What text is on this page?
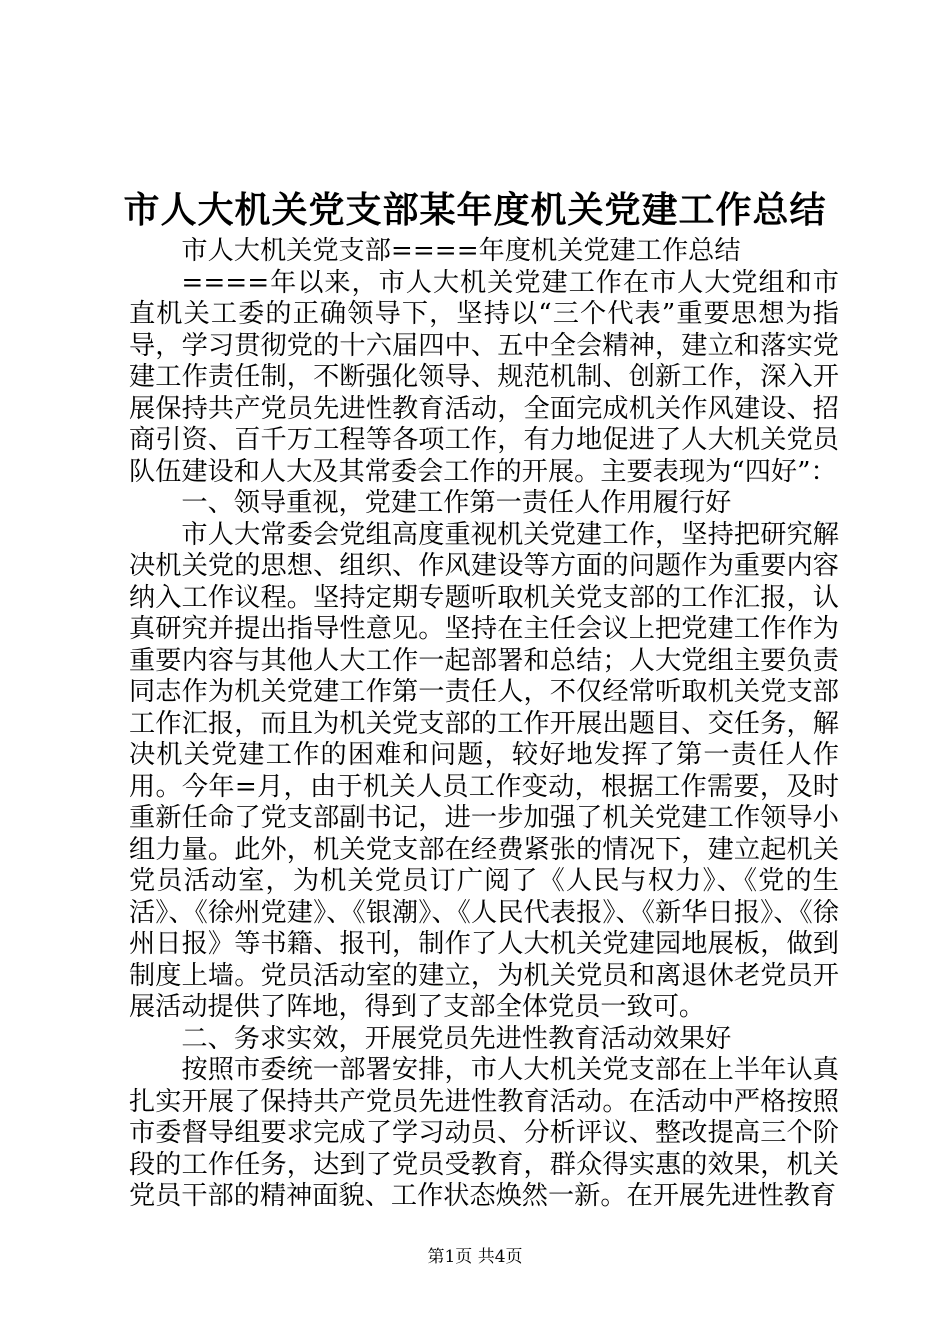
市人大机关党支部某年度机关党建工作总结

市人大机关党支部====年度机关党建工作总结

====年以来，市人大机关党建工作在市人大党组和市直机关工委的正确领导下，坚持以“三个代表”重要思想为指导，学习贯彻党的十六届四中、五中全会精神，建立和落实党建工作责任制，不断强化领导、规范机制、创新工作，深入开展保持共产党员先进性教育活动，全面完成机关作风建设、招商引资、百千万工程等各项工作，有力地促进了人大机关党员队伍建设和人大及其常委会工作的开展。主要表现为“四好”：

一、领导重视，党建工作第一责任人作用履行好

市人大常委会党组高度重视机关党建工作，坚持把研究解决机关党的思想、组织、作风建设等方面的问题作为重要内容纳入工作议程。坚持定期专题听取机关党支部的工作汇报，认真研究并提出指导性意见。坚持在主任会议上把党建工作作为重要内容与其他人大工作一起部署和总结；人大党组主要负责同志作为机关党建工作第一责任人，不仅经常听取机关党支部工作汇报，而且为机关党支部的工作开展出题目、交任务，解决机关党建工作的困难和问题，较好地发挥了第一责任人作用。今年=月，由于机关人员工作变动，根据工作需要，及时重新任命了党支部副书记，进一步加强了机关党建工作领导小组力量。此外，机关党支部在经费紧张的情况下，建立起机关党员活动室，为机关党员订广阅了《人民与权力》、《党的生活》、《徐州党建》、《银潮》、《人民代表报》、《新华日报》、《徐州日报》等书籍、报刊，制作了人大机关党建园地展板，做到制度上墙。党员活动室的建立，为机关党员和离退休老党员开展活动提供了阵地，得到了支部全体党员一致可。

二、务求实效，开展党员先进性教育活动效果好

按照市委统一部署安排，市人大机关党支部在上半年认真扎实开展了保持共产党员先进性教育活动。在活动中严格按照市委督导组要求完成了学习动员、分析评议、整改提高三个阶段的工作任务，达到了党员受教育，群众得实惠的效果，机关党员干部的精神面貌、工作状态焕然一新。在开展先进性教育

第1页 共4页
